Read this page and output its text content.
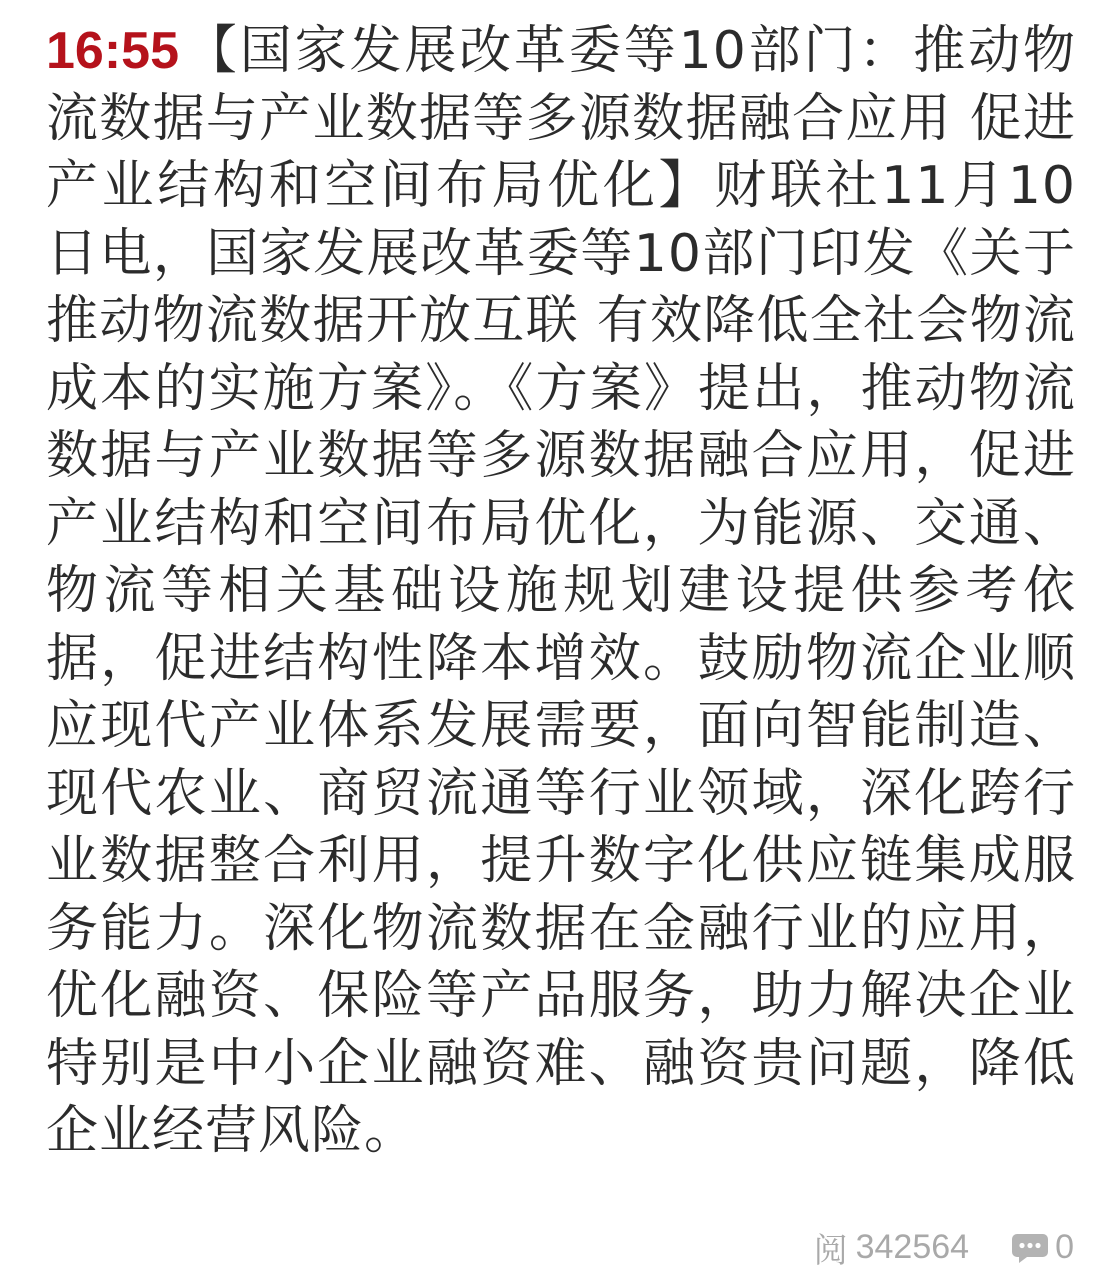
16:55【国家发展改革委等10部门：推动物流数据与产业数据等多源数据融合应用 促进产业结构和空间布局优化】财联社11月10日电，国家发展改革委等10部门印发《关于推动物流数据开放互联 有效降低全社会物流成本的实施方案》。《方案》提出，推动物流数据与产业数据等多源数据融合应用，促进产业结构和空间布局优化，为能源、交通、物流等相关基础设施规划建设提供参考依据，促进结构性降本增效。鼓励物流企业顺应现代产业体系发展需要，面向智能制造、现代农业、商贸流通等行业领域，深化跨行业数据整合利用，提升数字化供应链集成服务能力。深化物流数据在金融行业的应用，优化融资、保险等产品服务，助力解决企业特别是中小企业融资难、融资贵问题，降低企业经营风险。

阅 342564	0
